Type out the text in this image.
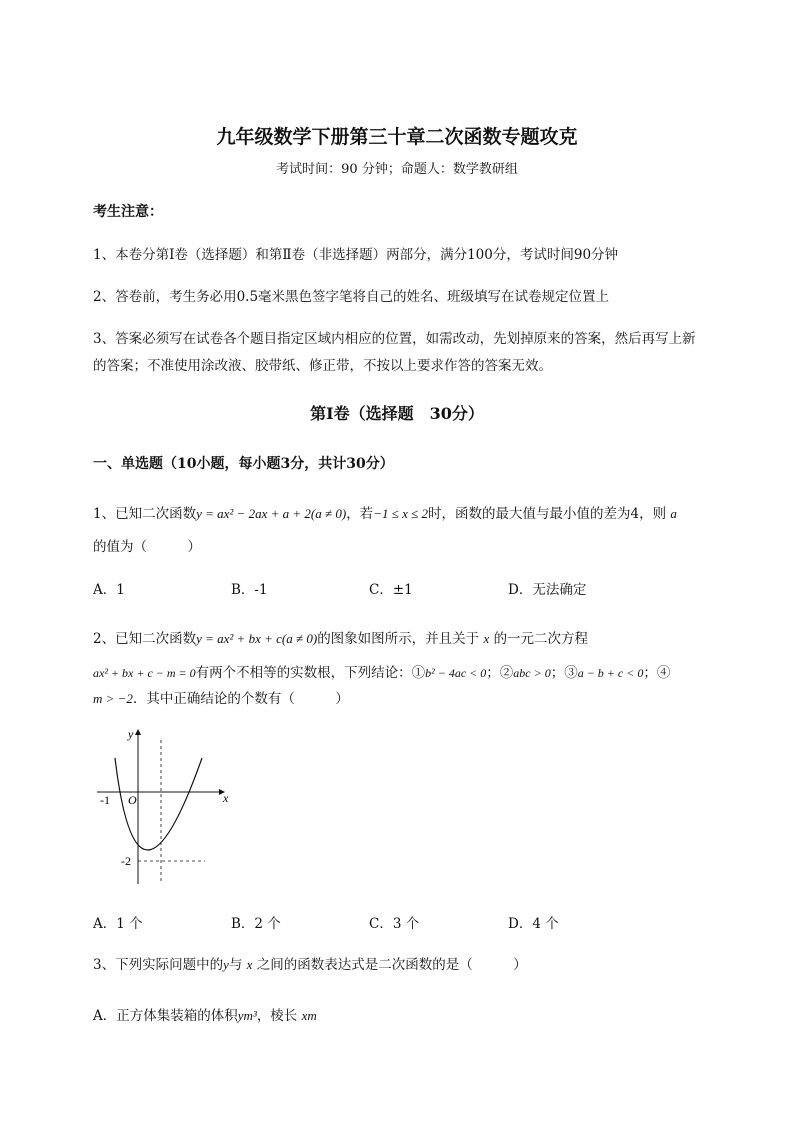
九年级数学下册第三十章二次函数专题攻克
考试时间：90 分钟；命题人：数学教研组
考生注意：
1、本卷分第Ⅰ卷（选择题）和第Ⅱ卷（非选择题）两部分，满分100分，考试时间90分钟
2、答卷前，考生务必用0.5毫米黑色签字笔将自己的姓名、班级填写在试卷规定位置上
3、答案必须写在试卷各个题目指定区域内相应的位置，如需改动，先划掉原来的答案，然后再写上新
的答案；不准使用涂改液、胶带纸、修正带，不按以上要求作答的答案无效。
第Ⅰ卷（选择题　30分）
一、单选题（10小题，每小题3分，共计30分）
1、已知二次函数y = ax² − 2ax + a + 2(a ≠ 0)，若−1 ≤ x ≤ 2时，函数的最大值与最小值的差为4，则 a
的值为（　　　）
A．1	B．-1	C．±1	D．无法确定
2、已知二次函数y = ax² + bx + c(a ≠ 0)的图象如图所示，并且关于 x 的一元二次方程
ax² + bx + c − m = 0有两个不相等的实数根，下列结论：①b² − 4ac < 0；②abc > 0；③a − b + c < 0；④
m > −2．其中正确结论的个数有（　　　）
y
x
O
-1
-2
A．1 个	B．2 个	C．3 个	D．4 个
3、下列实际问题中的y与 x 之间的函数表达式是二次函数的是（　　　）
A．正方体集装箱的体积ym³，棱长 xm
